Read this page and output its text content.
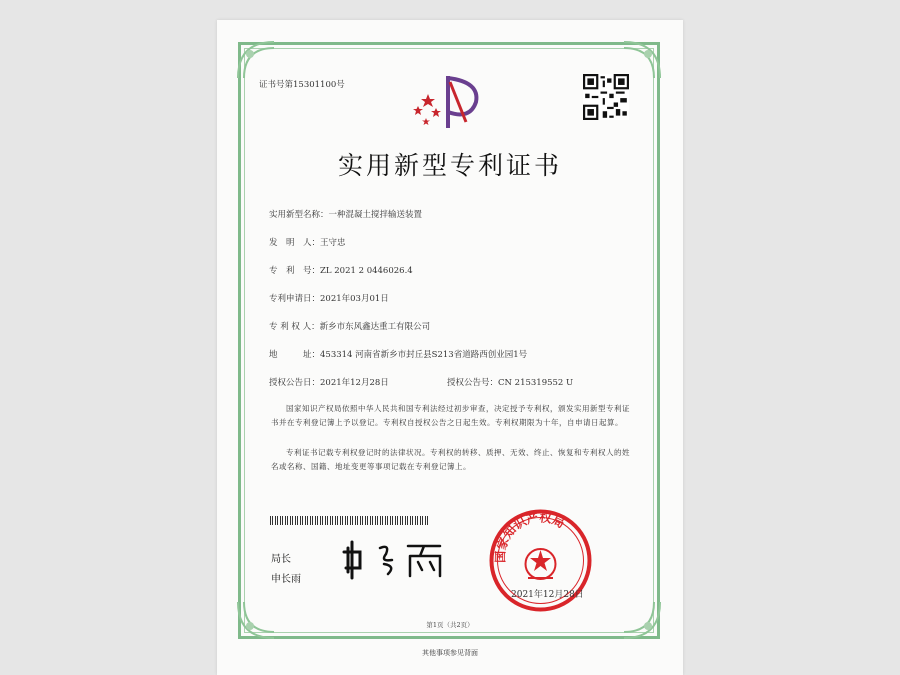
证书号第15301100号
实用新型专利证书
实用新型名称：一种混凝土搅拌输送装置
发　明　人：王守忠
专　利　号：ZL 2021 2 0446026.4
专利申请日：2021年03月01日
专 利 权 人：新乡市东风鑫达重工有限公司
地　　　址：453314 河南省新乡市封丘县S213省道路西创业园1号
授权公告日：2021年12月28日	授权公告号：CN 215319552 U
国家知识产权局依照中华人民共和国专利法经过初步审查，决定授予专利权，颁发实用新型专利证书并在专利登记簿上予以登记。专利权自授权公告之日起生效。专利权期限为十年，自申请日起算。
专利证书记载专利权登记时的法律状况。专利权的转移、质押、无效、终止、恢复和专利权人的姓名或名称、国籍、地址变更等事项记载在专利登记簿上。
局长
申长雨
国家知识产权局
2021年12月28日
第1页（共2页）
其他事项参见背面
